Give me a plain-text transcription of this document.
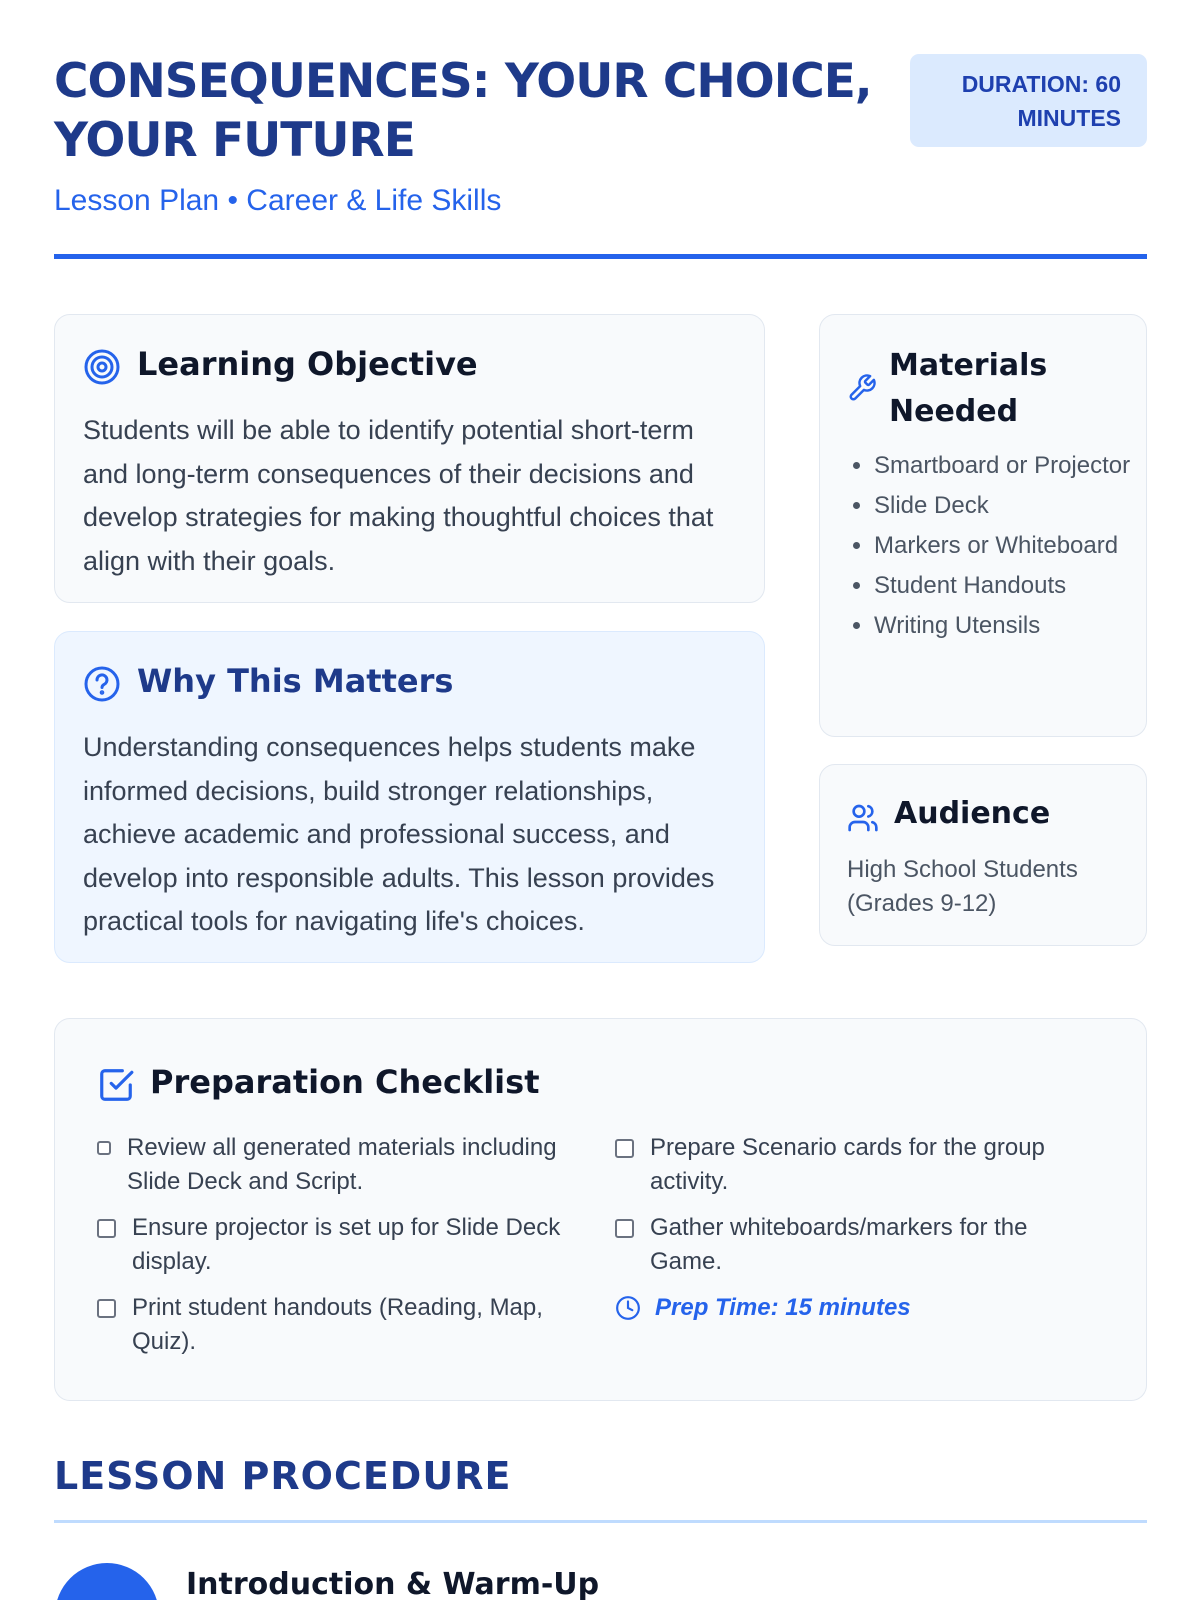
CONSEQUENCES: YOUR CHOICE, YOUR FUTURE
DURATION: 60 MINUTES
Lesson Plan • Career & Life Skills
Learning Objective

Students will be able to identify potential short-term and long-term consequences of their decisions and develop strategies for making thoughtful choices that align with their goals.

Why This Matters

Understanding consequences helps students make informed decisions, build stronger relationships, achieve academic and professional success, and develop into responsible adults. This lesson provides practical tools for navigating life's choices.

Materials Needed
• Smartboard or Projector
• Slide Deck
• Markers or Whiteboard
• Student Handouts
• Writing Utensils
Audience
High School Students (Grades 9-12)
Preparation Checklist
Review all generated materials including Slide Deck and Script.
Ensure projector is set up for Slide Deck display.
Print student handouts (Reading, Map, Quiz).
Prepare Scenario cards for the group activity.
Gather whiteboards/markers for the Game.
Prep Time: 15 minutes
LESSON PROCEDURE
Introduction & Warm-Up
